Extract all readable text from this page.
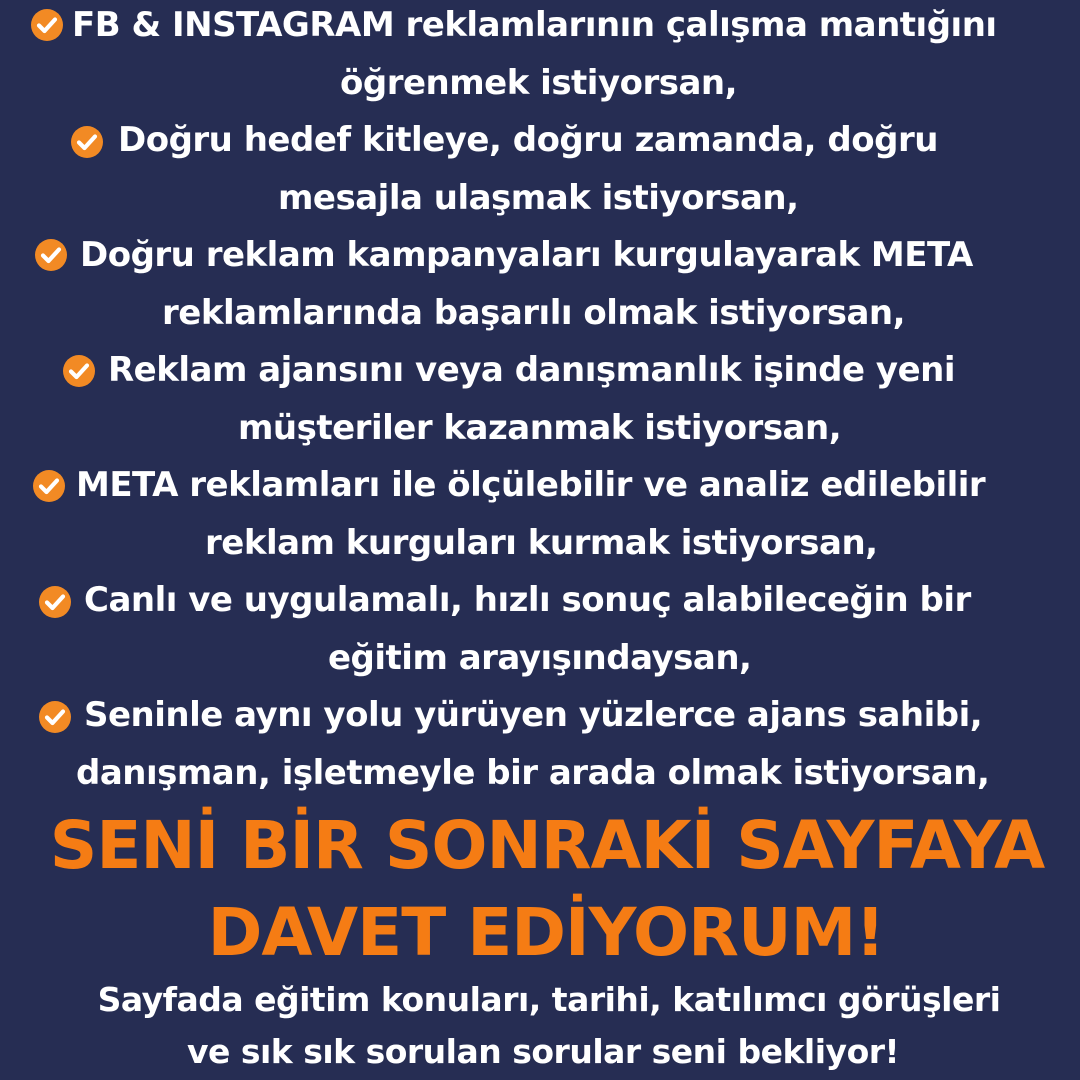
FB & INSTAGRAM reklamlarının çalışma mantığını
öğrenmek istiyorsan,
Doğru hedef kitleye, doğru zamanda, doğru
mesajla ulaşmak istiyorsan,
Doğru reklam kampanyaları kurgulayarak META
reklamlarında başarılı olmak istiyorsan,
Reklam ajansını veya danışmanlık işinde yeni
müşteriler kazanmak istiyorsan,
META reklamları ile ölçülebilir ve analiz edilebilir
reklam kurguları kurmak istiyorsan,
Canlı ve uygulamalı, hızlı sonuç alabileceğin bir
eğitim arayışındaysan,
Seninle aynı yolu yürüyen yüzlerce ajans sahibi,
danışman, işletmeyle bir arada olmak istiyorsan,
SENİ BİR SONRAKİ SAYFAYA
DAVET EDİYORUM!
Sayfada eğitim konuları, tarihi, katılımcı görüşleri
ve sık sık sorulan sorular seni bekliyor!
